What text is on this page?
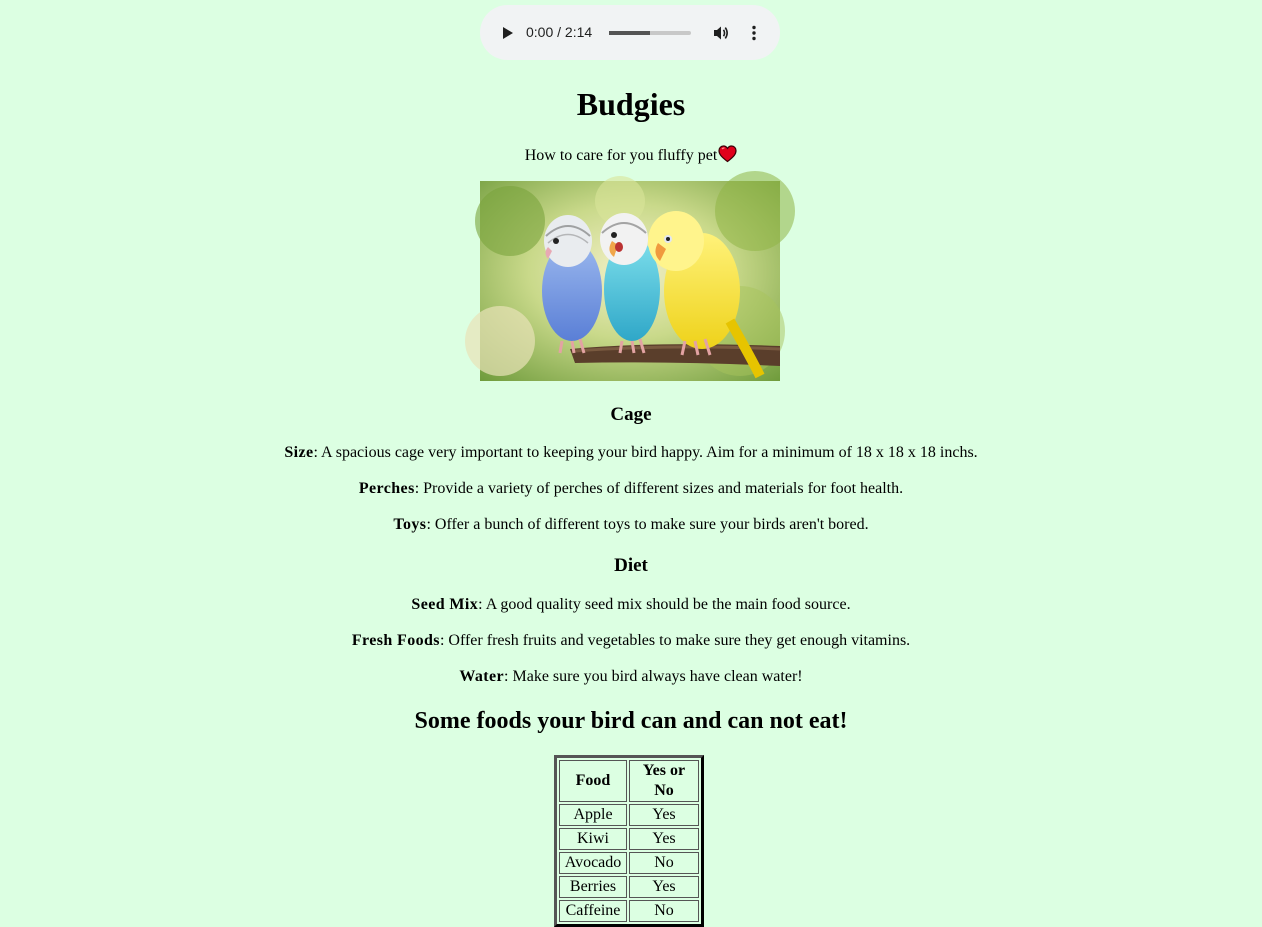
0:00 / 2:14
Budgies

How to care for you fluffy pet

Cage

Size: A spacious cage very important to keeping your bird happy. Aim for a minimum of 18 x 18 x 18 inchs.

Perches: Provide a variety of perches of different sizes and materials for foot health.

Toys: Offer a bunch of different toys to make sure your birds aren't bored.

Diet

Seed Mix: A good quality seed mix should be the main food source.

Fresh Foods: Offer fresh fruits and vegetables to make sure they get enough vitamins.

Water: Make sure you bird always have clean water!

Some foods your bird can and can not eat!
Food	Yes or No
Apple	Yes
Kiwi	Yes
Avocado	No
Berries	Yes
Caffeine	No
